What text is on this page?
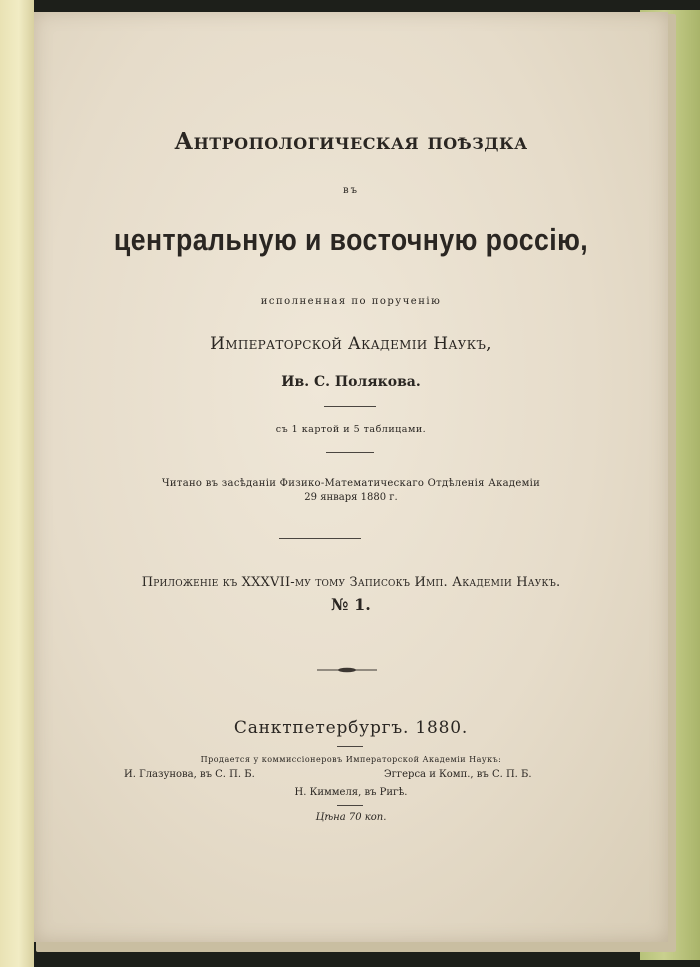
Антропологическая поѣздка
въ
центральную и восточную россію,
исполненная по порученію
Императорской Академіи Наукъ,
Ив. С. Полякова.
съ 1 картой и 5 таблицами.
Читано въ засѣданіи Физико-Математическаго Отдѣленія Академіи
29 января 1880 г.
Приложеніе къ XXXVII-му тому Записокъ Имп. Академіи Наукъ.
№ 1.
Санктпетербургъ. 1880.
Продается у коммиссіонеровъ Императорской Академіи Наукъ:
И. Глазунова, въ С. П. Б.	Эггерса и Комп., въ С. П. Б.
Н. Киммеля, въ Ригѣ.
Цѣна 70 коп.
